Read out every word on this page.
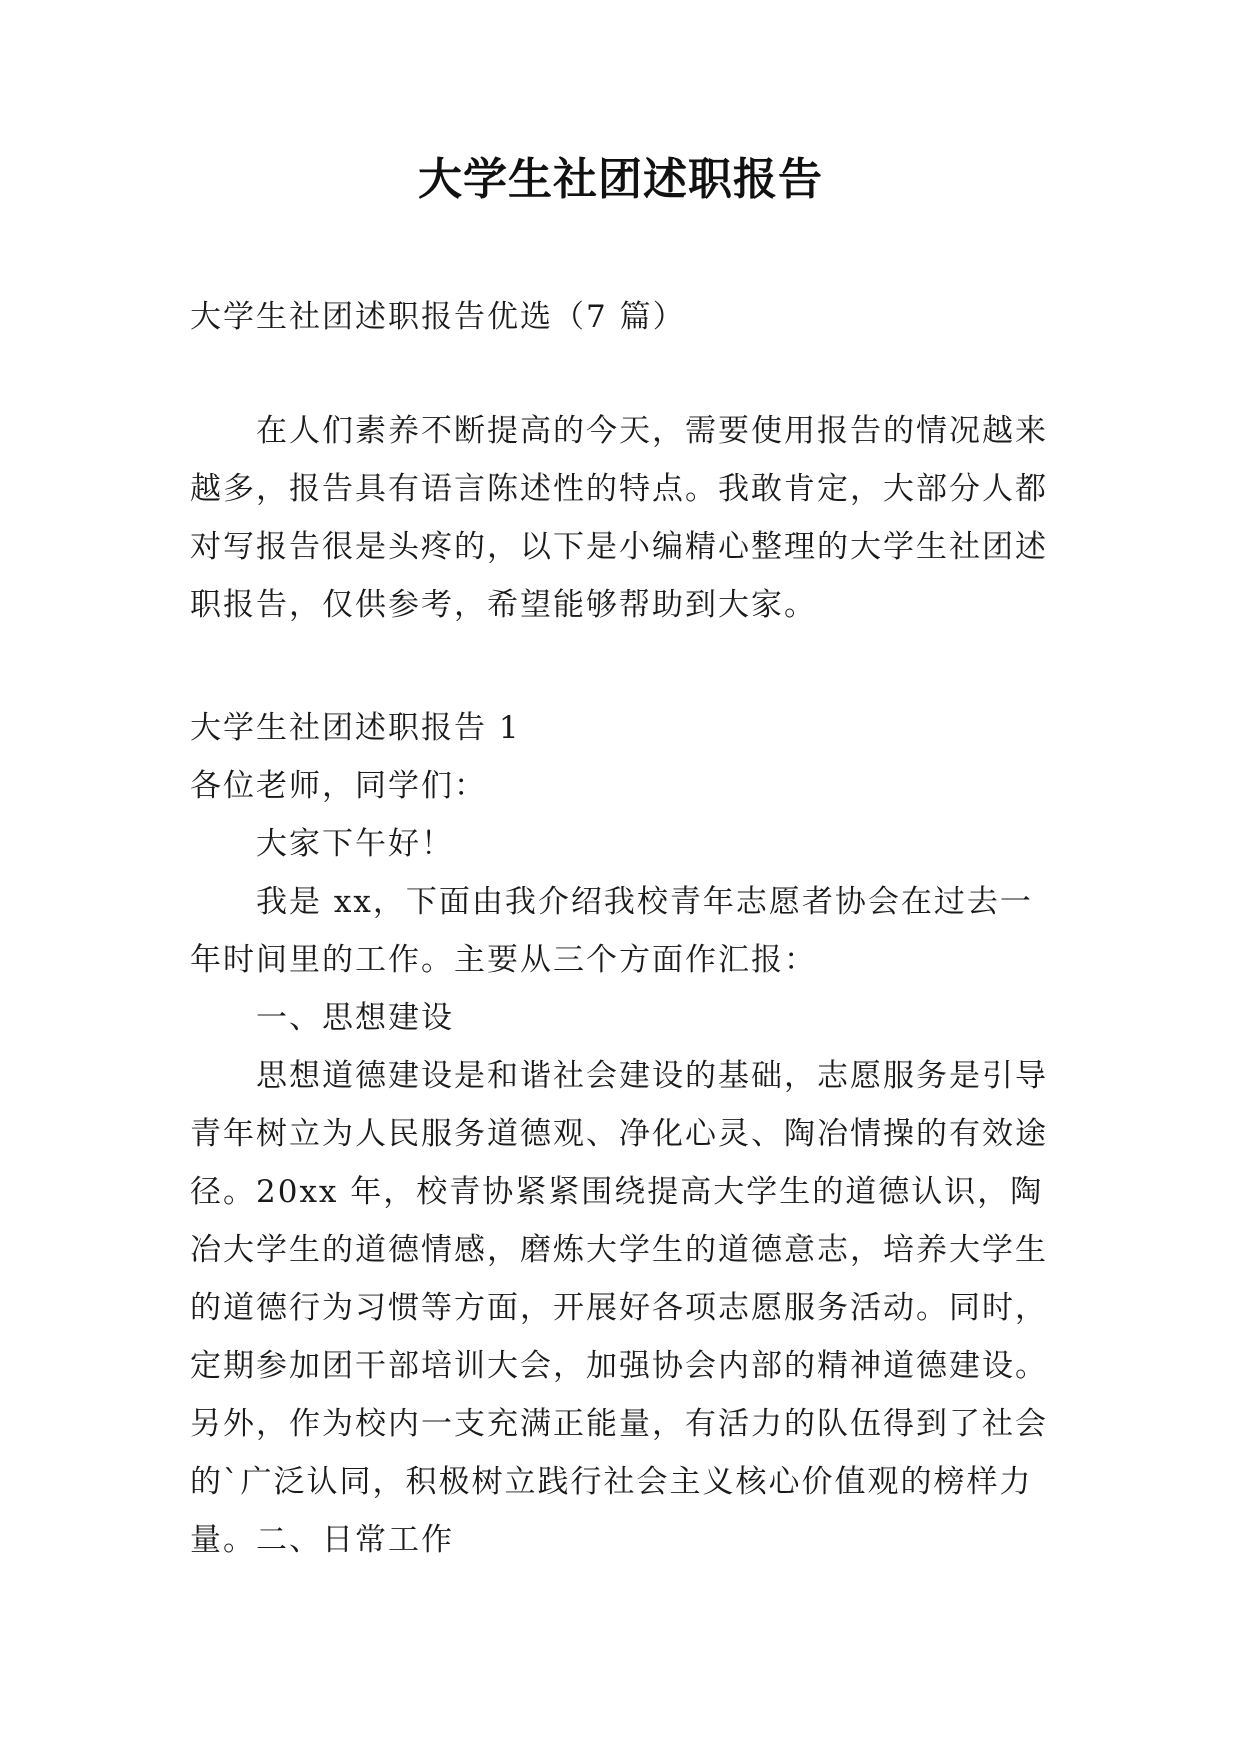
大学生社团述职报告

大学生社团述职报告优选（7 篇）

在人们素养不断提高的今天，需要使用报告的情况越来越多，报告具有语言陈述性的特点。我敢肯定，大部分人都对写报告很是头疼的，以下是小编精心整理的大学生社团述职报告，仅供参考，希望能够帮助到大家。

大学生社团述职报告 1

各位老师，同学们：

大家下午好！

我是 xx，下面由我介绍我校青年志愿者协会在过去一年时间里的工作。主要从三个方面作汇报：

一、思想建设

思想道德建设是和谐社会建设的基础，志愿服务是引导青年树立为人民服务道德观、净化心灵、陶冶情操的有效途径。20xx 年，校青协紧紧围绕提高大学生的道德认识，陶冶大学生的道德情感，磨炼大学生的道德意志，培养大学生的道德行为习惯等方面，开展好各项志愿服务活动。同时，定期参加团干部培训大会，加强协会内部的精神道德建设。另外，作为校内一支充满正能量，有活力的队伍得到了社会的`广泛认同，积极树立践行社会主义核心价值观的榜样力量。 二、日常工作
